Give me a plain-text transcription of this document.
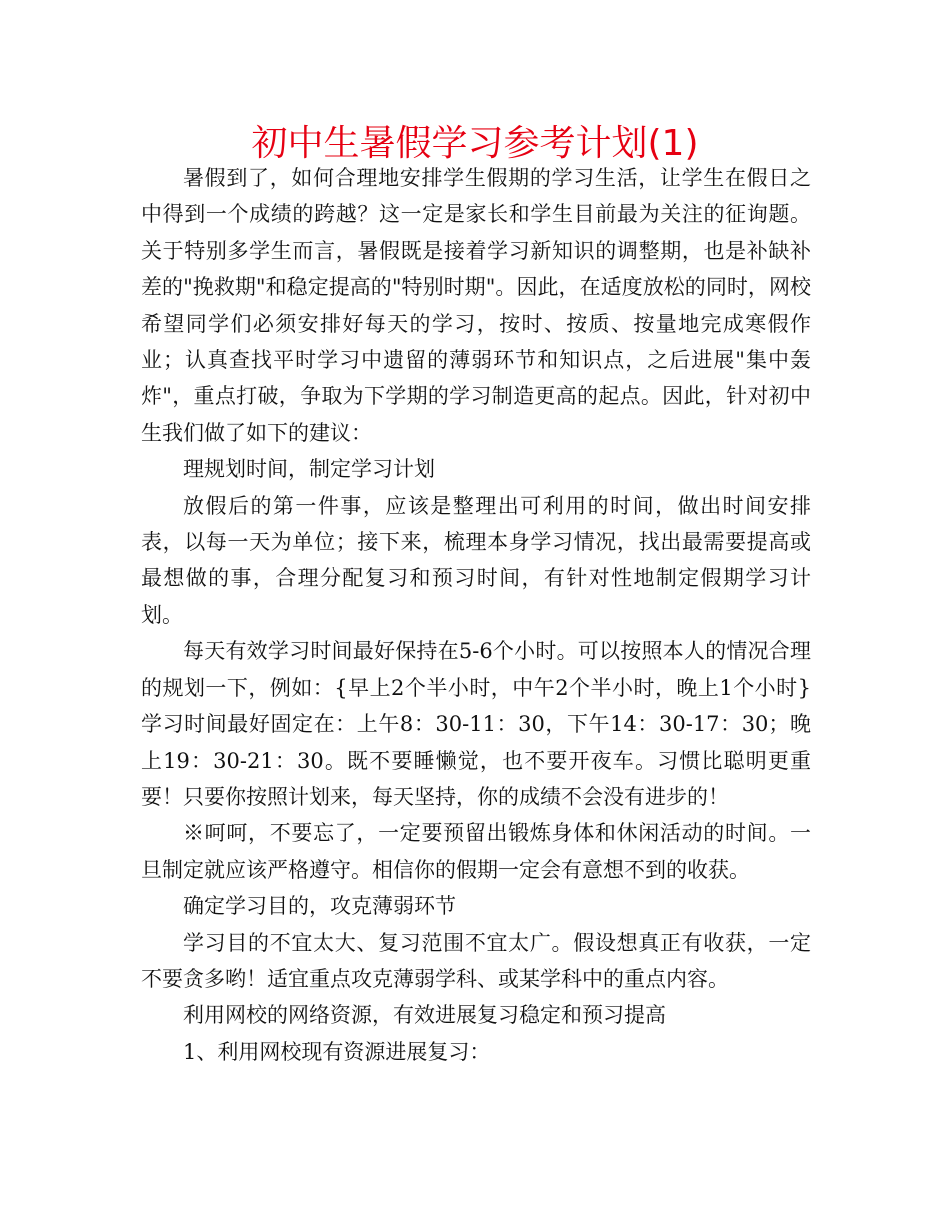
初中生暑假学习参考计划(1)

暑假到了，如何合理地安排学生假期的学习生活，让学生在假日之中得到一个成绩的跨越？这一定是家长和学生目前最为关注的征询题。关于特别多学生而言，暑假既是接着学习新知识的调整期，也是补缺补差的"挽救期"和稳定提高的"特别时期"。因此，在适度放松的同时，网校希望同学们必须安排好每天的学习，按时、按质、按量地完成寒假作业；认真查找平时学习中遗留的薄弱环节和知识点，之后进展"集中轰炸"，重点打破，争取为下学期的学习制造更高的起点。因此，针对初中生我们做了如下的建议：

理规划时间，制定学习计划

放假后的第一件事，应该是整理出可利用的时间，做出时间安排表，以每一天为单位；接下来，梳理本身学习情况，找出最需要提高或最想做的事，合理分配复习和预习时间，有针对性地制定假期学习计划。

每天有效学习时间最好保持在5-6个小时。可以按照本人的情况合理的规划一下，例如：{早上2个半小时，中午2个半小时，晚上1个小时}学习时间最好固定在：上午8：30-11：30，下午14：30-17：30；晚上19：30-21：30。既不要睡懒觉，也不要开夜车。习惯比聪明更重要！只要你按照计划来，每天坚持，你的成绩不会没有进步的！

※呵呵，不要忘了，一定要预留出锻炼身体和休闲活动的时间。一旦制定就应该严格遵守。相信你的假期一定会有意想不到的收获。

确定学习目的，攻克薄弱环节

学习目的不宜太大、复习范围不宜太广。假设想真正有收获，一定不要贪多哟！适宜重点攻克薄弱学科、或某学科中的重点内容。

利用网校的网络资源，有效进展复习稳定和预习提高

1、利用网校现有资源进展复习：
